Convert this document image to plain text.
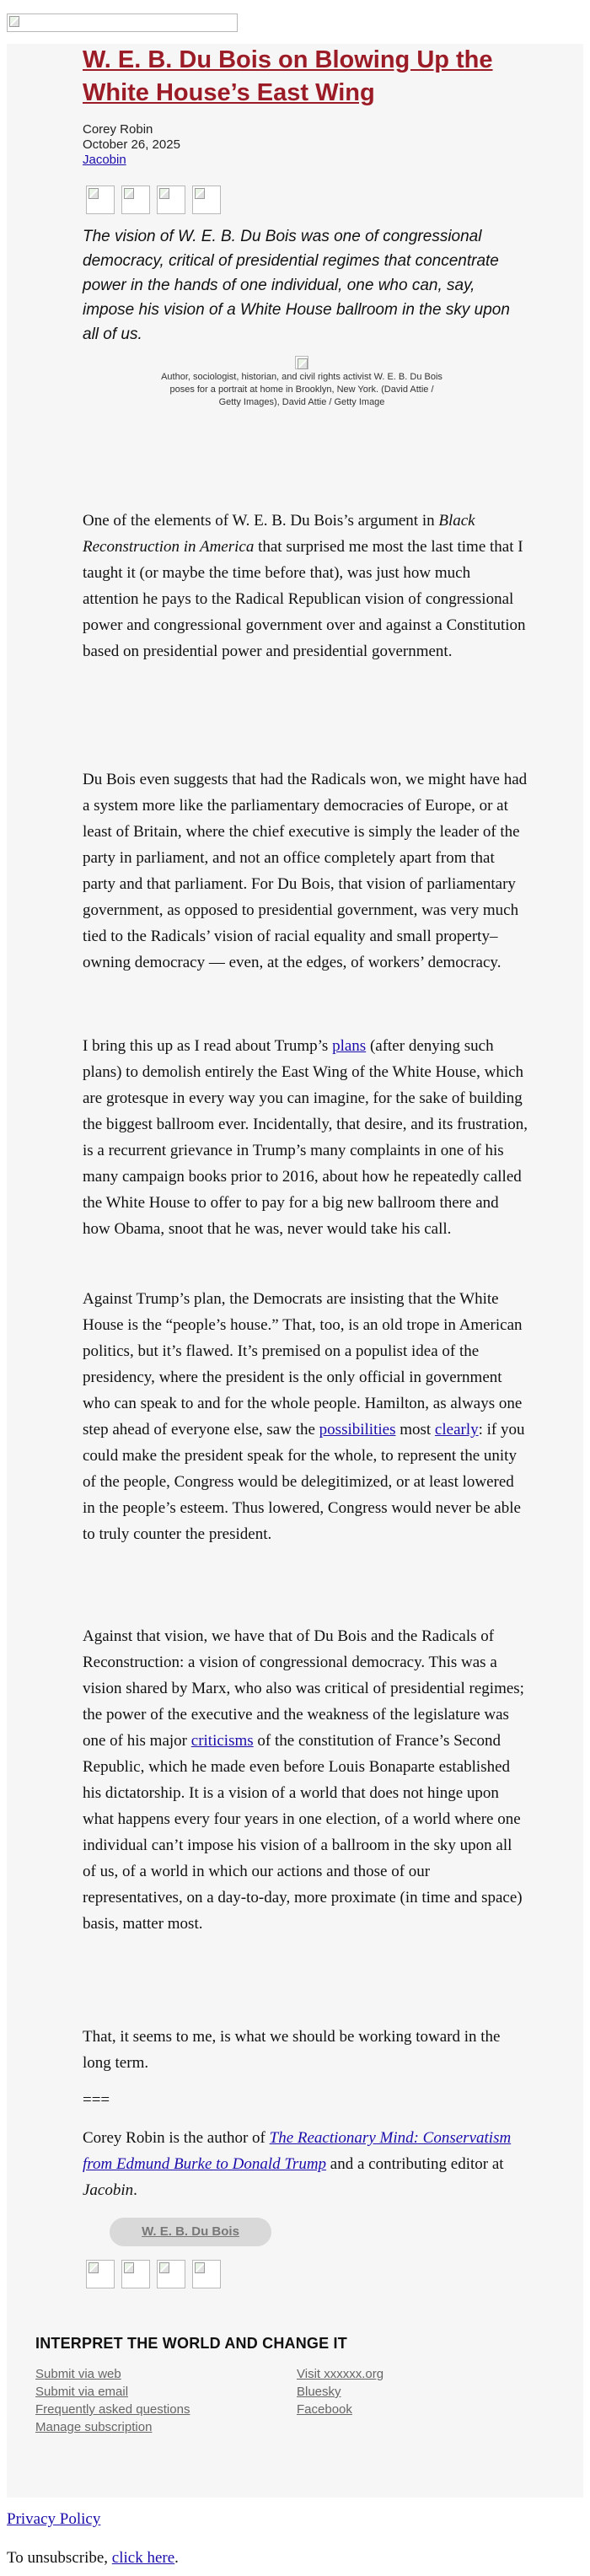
W. E. B. Du Bois on Blowing Up the White House’s East Wing
Corey Robin
October 26, 2025
Jacobin

The vision of W. E. B. Du Bois was one of congressional democracy, critical of presidential regimes that concentrate power in the hands of one individual, one who can, say, impose his vision of a White House ballroom in the sky upon all of us.

Author, sociologist, historian, and civil rights activist W. E. B. Du Bois poses for a portrait at home in Brooklyn, New York. (David Attie / Getty Images), David Attie / Getty Image

One of the elements of W. E. B. Du Bois’s argument in Black Reconstruction in America that surprised me most the last time that I taught it (or maybe the time before that), was just how much attention he pays to the Radical Republican vision of congressional power and congressional government over and against a Constitution based on presidential power and presidential government.

Du Bois even suggests that had the Radicals won, we might have had a system more like the parliamentary democracies of Europe, or at least of Britain, where the chief executive is simply the leader of the party in parliament, and not an office completely apart from that party and that parliament. For Du Bois, that vision of parliamentary government, as opposed to presidential government, was very much tied to the Radicals’ vision of racial equality and small property–owning democracy — even, at the edges, of workers’ democracy.

I bring this up as I read about Trump’s plans (after denying such plans) to demolish entirely the East Wing of the White House, which are grotesque in every way you can imagine, for the sake of building the biggest ballroom ever. Incidentally, that desire, and its frustration, is a recurrent grievance in Trump’s many complaints in one of his many campaign books prior to 2016, about how he repeatedly called the White House to offer to pay for a big new ballroom there and how Obama, snoot that he was, never would take his call.

Against Trump’s plan, the Democrats are insisting that the White House is the “people’s house.” That, too, is an old trope in American politics, but it’s flawed. It’s premised on a populist idea of the presidency, where the president is the only official in government who can speak to and for the whole people. Hamilton, as always one step ahead of everyone else, saw the possibilities most clearly: if you could make the president speak for the whole, to represent the unity of the people, Congress would be delegitimized, or at least lowered in the people’s esteem. Thus lowered, Congress would never be able to truly counter the president.

Against that vision, we have that of Du Bois and the Radicals of Reconstruction: a vision of congressional democracy. This was a vision shared by Marx, who also was critical of presidential regimes; the power of the executive and the weakness of the legislature was one of his major criticisms of the constitution of France’s Second Republic, which he made even before Louis Bonaparte established his dictatorship. It is a vision of a world that does not hinge upon what happens every four years in one election, of a world where one individual can’t impose his vision of a ballroom in the sky upon all of us, of a world in which our actions and those of our representatives, on a day-to-day, more proximate (in time and space) basis, matter most.

That, it seems to me, is what we should be working toward in the long term.

===

Corey Robin is the author of The Reactionary Mind: Conservatism from Edmund Burke to Donald Trump and a contributing editor at Jacobin.

W. E. B. Du Bois
INTERPRET THE WORLD AND CHANGE IT
Submit via web
Submit via email
Frequently asked questions
Manage subscription
Visit xxxxxx.org
Bluesky
Facebook

Privacy Policy

To unsubscribe, click here.
